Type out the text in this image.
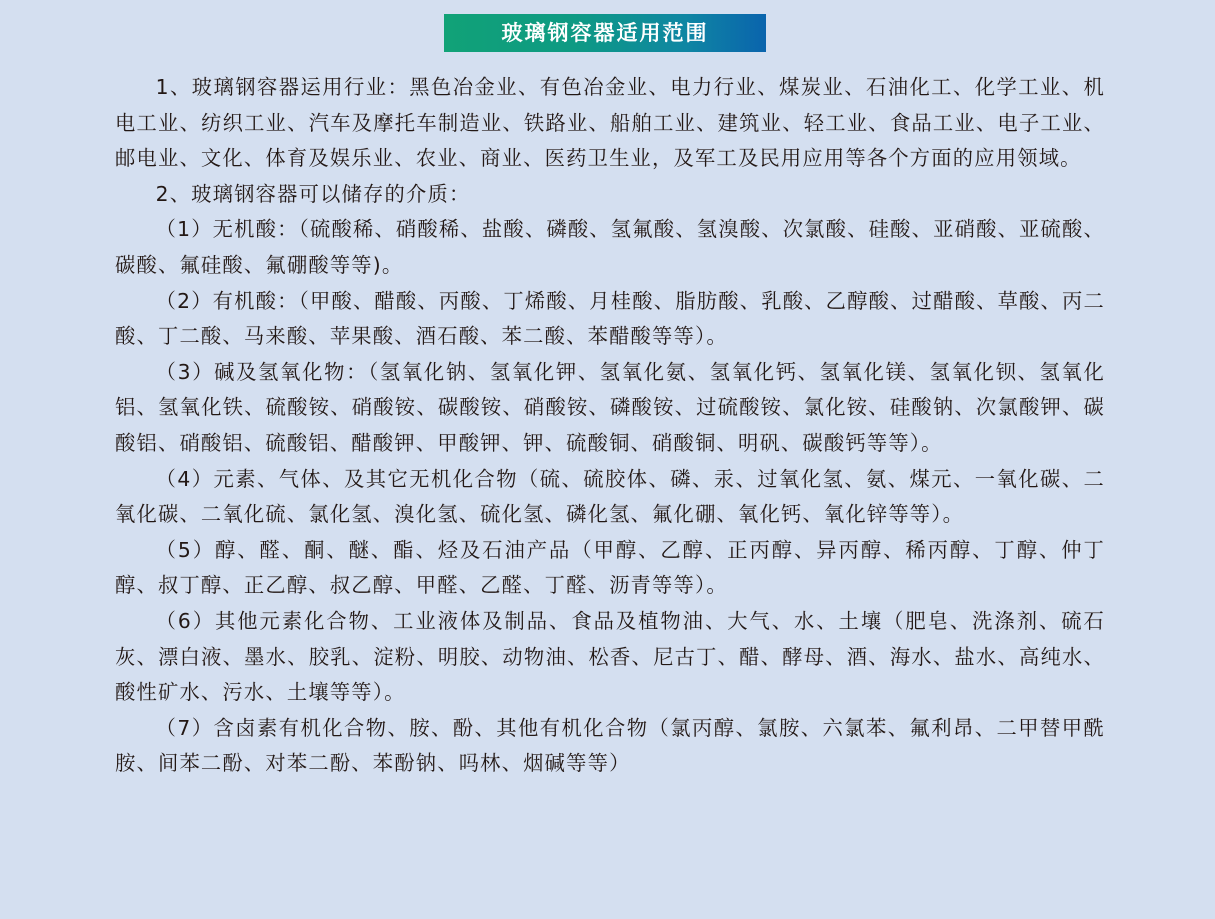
玻璃钢容器适用范围

1、玻璃钢容器运用行业：黑色冶金业、有色冶金业、电力行业、煤炭业、石油化工、化学工业、机电工业、纺织工业、汽车及摩托车制造业、铁路业、船舶工业、建筑业、轻工业、食品工业、电子工业、邮电业、文化、体育及娱乐业、农业、商业、医药卫生业，及军工及民用应用等各个方面的应用领域。

2、玻璃钢容器可以储存的介质：

（1）无机酸：（硫酸稀、硝酸稀、盐酸、磷酸、氢氟酸、氢溴酸、次氯酸、硅酸、亚硝酸、亚硫酸、碳酸、氟硅酸、氟硼酸等等)。

（2）有机酸：（甲酸、醋酸、丙酸、丁烯酸、月桂酸、脂肪酸、乳酸、乙醇酸、过醋酸、草酸、丙二酸、丁二酸、马来酸、苹果酸、酒石酸、苯二酸、苯醋酸等等）。

（3）碱及氢氧化物：（氢氧化钠、氢氧化钾、氢氧化氨、氢氧化钙、氢氧化镁、氢氧化钡、氢氧化铝、氢氧化铁、硫酸铵、硝酸铵、碳酸铵、硝酸铵、磷酸铵、过硫酸铵、氯化铵、硅酸钠、次氯酸钾、碳酸铝、硝酸铝、硫酸铝、醋酸钾、甲酸钾、钾、硫酸铜、硝酸铜、明矾、碳酸钙等等）。

（4）元素、气体、及其它无机化合物（硫、硫胶体、磷、汞、过氧化氢、氨、煤元、一氧化碳、二氧化碳、二氧化硫、氯化氢、溴化氢、硫化氢、磷化氢、氟化硼、氧化钙、氧化锌等等）。

（5）醇、醛、酮、醚、酯、烃及石油产品（甲醇、乙醇、正丙醇、异丙醇、稀丙醇、丁醇、仲丁醇、叔丁醇、正乙醇、叔乙醇、甲醛、乙醛、丁醛、沥青等等）。

（6）其他元素化合物、工业液体及制品、食品及植物油、大气、水、土壤（肥皂、洗涤剂、硫石灰、漂白液、墨水、胶乳、淀粉、明胶、动物油、松香、尼古丁、醋、酵母、酒、海水、盐水、高纯水、酸性矿水、污水、土壤等等）。

（7）含卤素有机化合物、胺、酚、其他有机化合物（氯丙醇、氯胺、六氯苯、氟利昂、二甲替甲酰胺、间苯二酚、对苯二酚、苯酚钠、吗林、烟碱等等）
